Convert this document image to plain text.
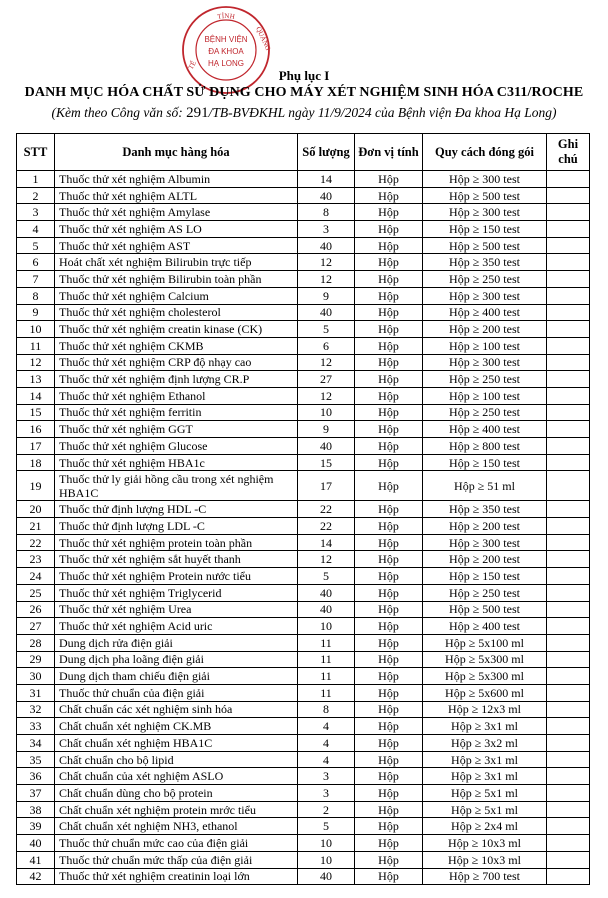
TỈNH
TẾ
QUẢNG
BỆNH VIỆN
ĐA KHOA
HẠ LONG
Phụ lục I
DANH MỤC HÓA CHẤT SỬ DỤNG CHO MÁY XÉT NGHIỆM SINH HÓA C311/ROCHE
(Kèm theo Công văn số: 291/TB-BVĐKHL ngày 11/9/2024 của Bệnh viện Đa khoa Hạ Long)
STT	Danh mục hàng hóa	Số lượng	Đơn vị tính	Quy cách đóng gói	Ghi chú
1	Thuốc thử xét nghiệm Albumin	14	Hộp	Hộp ≥ 300 test	
2	Thuốc thử xét nghiệm ALTL	40	Hộp	Hộp ≥ 500 test	
3	Thuốc thử xét nghiệm Amylase	8	Hộp	Hộp ≥ 300 test	
4	Thuốc thử xét nghiệm AS LO	3	Hộp	Hộp ≥ 150 test	
5	Thuốc thử xét nghiệm AST	40	Hộp	Hộp ≥ 500 test	
6	Hoát chất xét nghiệm Bilirubin trực tiếp	12	Hộp	Hộp ≥ 350 test	
7	Thuốc thử xét nghiệm Bilirubin toàn phần	12	Hộp	Hộp ≥ 250 test	
8	Thuốc thử xét nghiệm Calcium	9	Hộp	Hộp ≥ 300 test	
9	Thuốc thử xét nghiệm cholesterol	40	Hộp	Hộp ≥ 400 test	
10	Thuốc thử xét nghiệm creatin kinase (CK)	5	Hộp	Hộp ≥ 200 test	
11	Thuốc thử xét nghiệm CKMB	6	Hộp	Hộp ≥ 100 test	
12	Thuốc thử xét nghiệm CRP độ nhạy cao	12	Hộp	Hộp ≥ 300 test	
13	Thuốc thử xét nghiệm định lượng CR.P	27	Hộp	Hộp ≥ 250 test	
14	Thuốc thử xét nghiệm Ethanol	12	Hộp	Hộp ≥ 100 test	
15	Thuốc thử xét nghiệm ferritin	10	Hộp	Hộp ≥ 250 test	
16	Thuốc thử xét nghiệm GGT	9	Hộp	Hộp ≥ 400 test	
17	Thuốc thử xét nghiệm Glucose	40	Hộp	Hộp ≥ 800 test	
18	Thuốc thử xét nghiệm HBA1c	15	Hộp	Hộp ≥ 150 test	
19	Thuốc thử ly giải hồng cầu trong xét nghiệm HBA1C	17	Hộp	Hộp ≥ 51 ml	
20	Thuốc thử định lượng HDL -C	22	Hộp	Hộp ≥ 350 test	
21	Thuốc thử định lượng LDL -C	22	Hộp	Hộp ≥ 200 test	
22	Thuốc thử xét nghiệm protein toàn phần	14	Hộp	Hộp ≥ 300 test	
23	Thuốc thử xét nghiệm sắt huyết thanh	12	Hộp	Hộp ≥ 200 test	
24	Thuốc thử xét nghiệm Protein nước tiểu	5	Hộp	Hộp ≥ 150 test	
25	Thuốc thử xét nghiệm Triglycerid	40	Hộp	Hộp ≥ 250 test	
26	Thuốc thử xét nghiệm Urea	40	Hộp	Hộp ≥ 500 test	
27	Thuốc thử xét nghiệm Acid uric	10	Hộp	Hộp ≥ 400 test	
28	Dung dịch rửa điện giải	11	Hộp	Hộp ≥ 5x100 ml	
29	Dung dịch pha loãng điện giải	11	Hộp	Hộp ≥ 5x300 ml	
30	Dung dịch tham chiếu điện giải	11	Hộp	Hộp ≥ 5x300 ml	
31	Thuốc thử chuẩn của điện giải	11	Hộp	Hộp ≥ 5x600 ml	
32	Chất chuẩn các xét nghiệm sinh hóa	8	Hộp	Hộp ≥ 12x3 ml	
33	Chất chuẩn xét nghiệm CK.MB	4	Hộp	Hộp ≥ 3x1 ml	
34	Chất chuẩn xét nghiệm HBA1C	4	Hộp	Hộp ≥ 3x2 ml	
35	Chất chuẩn cho bộ lipid	4	Hộp	Hộp ≥ 3x1 ml	
36	Chất chuẩn của xét nghiệm ASLO	3	Hộp	Hộp ≥ 3x1 ml	
37	Chất chuẩn dùng cho bộ protein	3	Hộp	Hộp ≥ 5x1 ml	
38	Chất chuẩn xét nghiệm protein mrớc tiểu	2	Hộp	Hộp ≥ 5x1 ml	
39	Chất chuẩn xét nghiệm NH3, ethanol	5	Hộp	Hộp ≥ 2x4 ml	
40	Thuốc thử chuẩn mức cao của điện giải	10	Hộp	Hộp ≥ 10x3 ml	
41	Thuốc thử chuẩn mức thấp của điện giải	10	Hộp	Hộp ≥ 10x3 ml	
42	Thuốc thử xét nghiệm creatinin loại lớn	40	Hộp	Hộp ≥ 700 test	
